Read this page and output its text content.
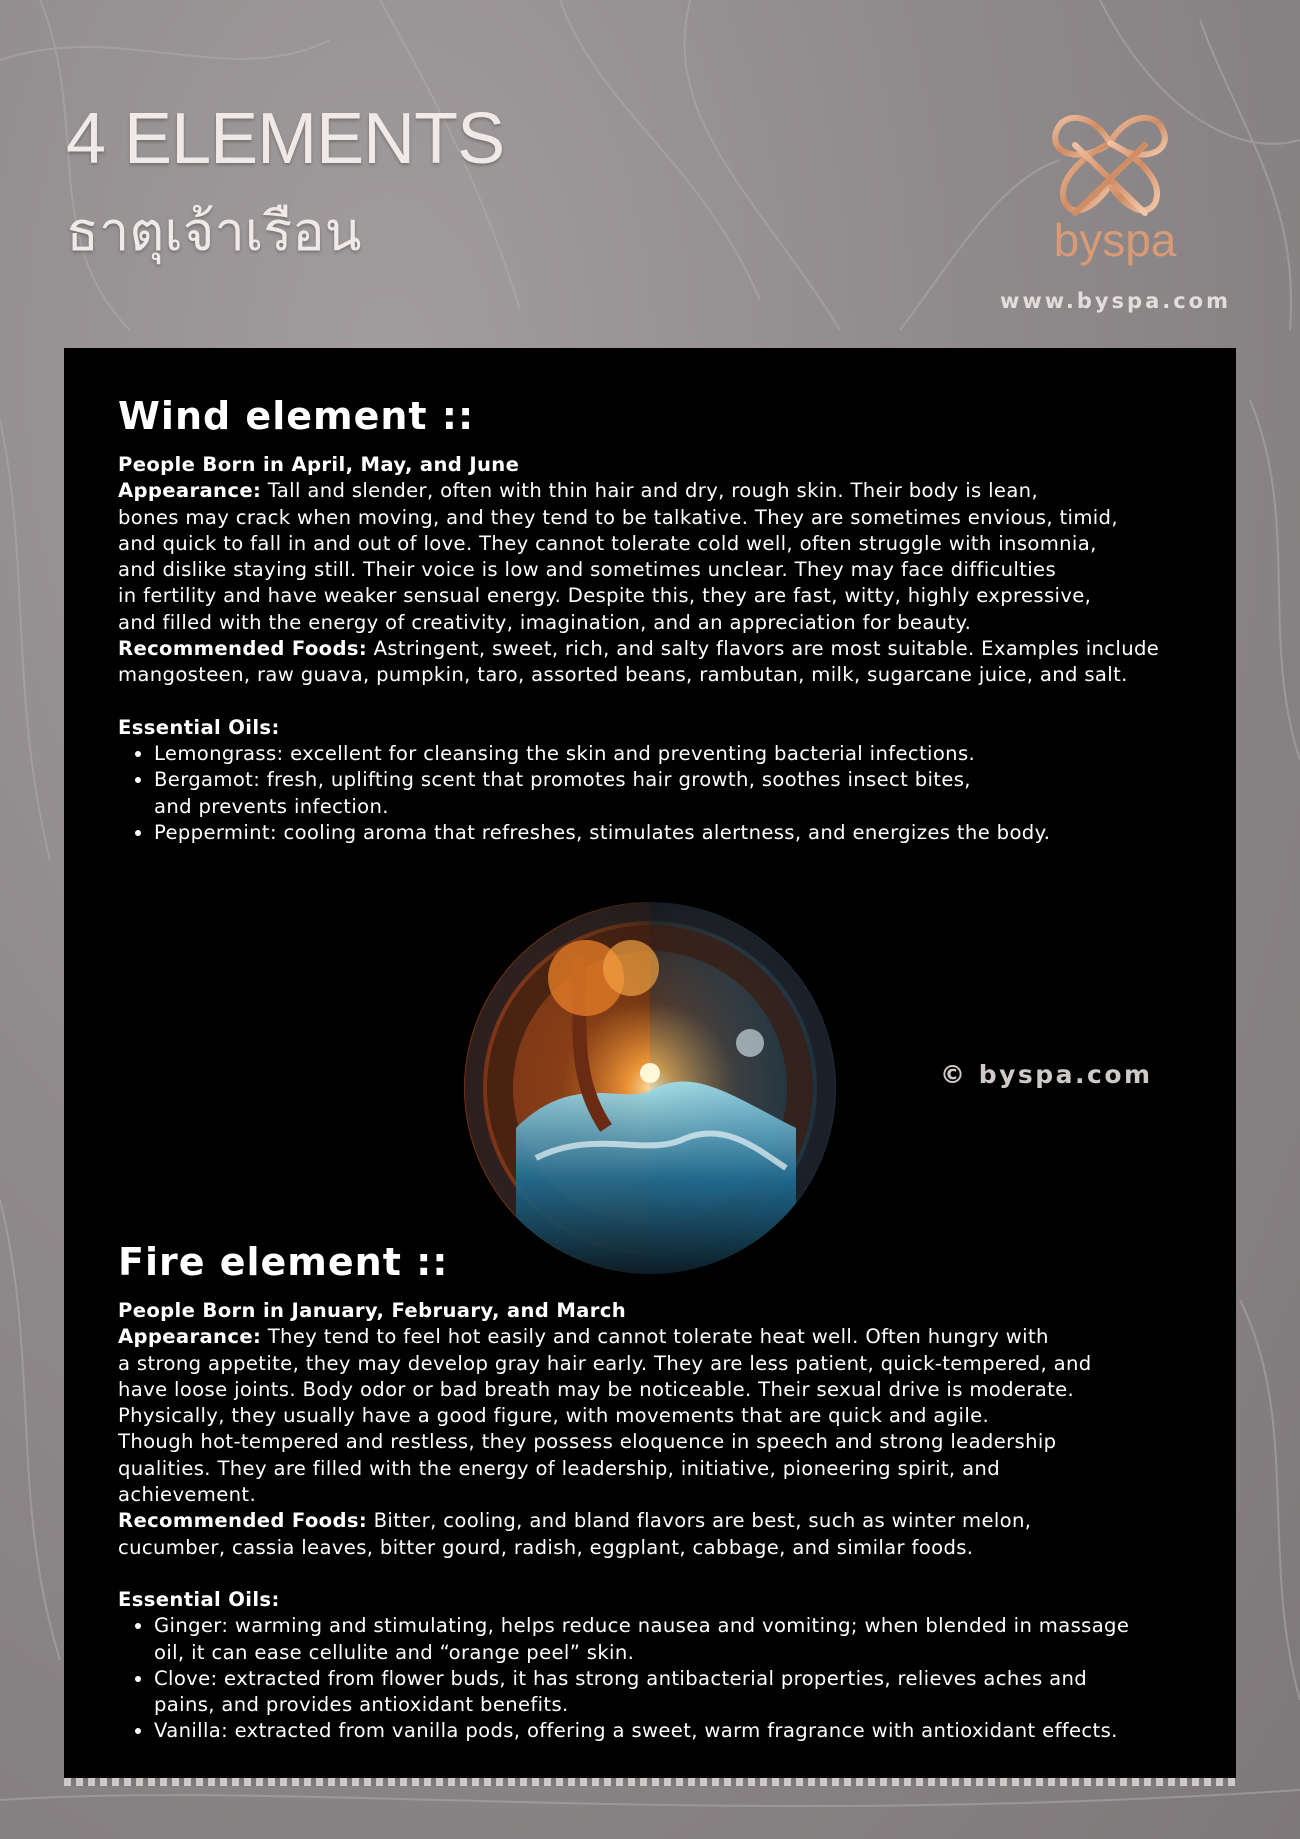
4 ELEMENTS
ธาตุเจ้าเรือน	byspa
www.byspa.com
Wind element ::

People Born in April, May, and June

Appearance: Tall and slender, often with thin hair and dry, rough skin. Their body is lean,

bones may crack when moving, and they tend to be talkative. They are sometimes envious, timid,

and quick to fall in and out of love. They cannot tolerate cold well, often struggle with insomnia,

and dislike staying still. Their voice is low and sometimes unclear. They may face difficulties

in fertility and have weaker sensual energy. Despite this, they are fast, witty, highly expressive,

and filled with the energy of creativity, imagination, and an appreciation for beauty.

Recommended Foods: Astringent, sweet, rich, and salty flavors are most suitable. Examples include

mangosteen, raw guava, pumpkin, taro, assorted beans, rambutan, milk, sugarcane juice, and salt.

Essential Oils:

• Lemongrass: excellent for cleansing the skin and preventing bacterial infections.
• Bergamot: fresh, uplifting scent that promotes hair growth, soothes insect bites,
and prevents infection.
• Peppermint: cooling aroma that refreshes, stimulates alertness, and energizes the body.
© byspa.com
Fire element ::

People Born in January, February, and March

Appearance: They tend to feel hot easily and cannot tolerate heat well. Often hungry with

a strong appetite, they may develop gray hair early. They are less patient, quick-tempered, and

have loose joints. Body odor or bad breath may be noticeable. Their sexual drive is moderate.

Physically, they usually have a good figure, with movements that are quick and agile.

Though hot-tempered and restless, they possess eloquence in speech and strong leadership

qualities. They are filled with the energy of leadership, initiative, pioneering spirit, and

achievement.

Recommended Foods: Bitter, cooling, and bland flavors are best, such as winter melon,

cucumber, cassia leaves, bitter gourd, radish, eggplant, cabbage, and similar foods.

Essential Oils:

• Ginger: warming and stimulating, helps reduce nausea and vomiting; when blended in massage
oil, it can ease cellulite and “orange peel” skin.
• Clove: extracted from flower buds, it has strong antibacterial properties, relieves aches and
pains, and provides antioxidant benefits.
• Vanilla: extracted from vanilla pods, offering a sweet, warm fragrance with antioxidant effects.
